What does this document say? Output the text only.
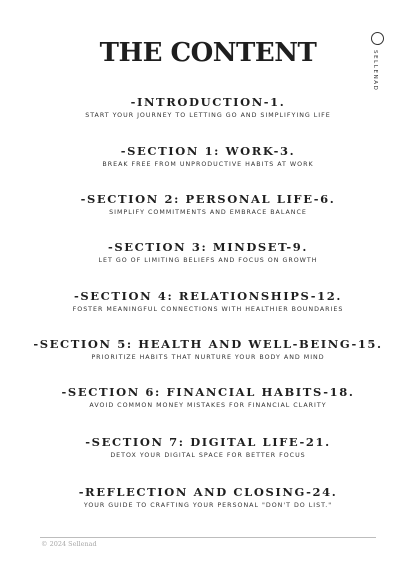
THE CONTENT	SELLENAD
-INTRODUCTION-1.
START YOUR JOURNEY TO LETTING GO AND SIMPLIFYING LIFE
-SECTION 1: WORK-3.
BREAK FREE FROM UNPRODUCTIVE HABITS AT WORK
-SECTION 2: PERSONAL LIFE-6.
SIMPLIFY COMMITMENTS AND EMBRACE BALANCE
-SECTION 3: MINDSET-9.
LET GO OF LIMITING BELIEFS AND FOCUS ON GROWTH
-SECTION 4: RELATIONSHIPS-12.
FOSTER MEANINGFUL CONNECTIONS WITH HEALTHIER BOUNDARIES
-SECTION 5: HEALTH AND WELL-BEING-15.
PRIORITIZE HABITS THAT NURTURE YOUR BODY AND MIND
-SECTION 6: FINANCIAL HABITS-18.
AVOID COMMON MONEY MISTAKES FOR FINANCIAL CLARITY
-SECTION 7: DIGITAL LIFE-21.
DETOX YOUR DIGITAL SPACE FOR BETTER FOCUS
-REFLECTION AND CLOSING-24.
YOUR GUIDE TO CRAFTING YOUR PERSONAL "DON'T DO LIST."
© 2024 Sellenad
